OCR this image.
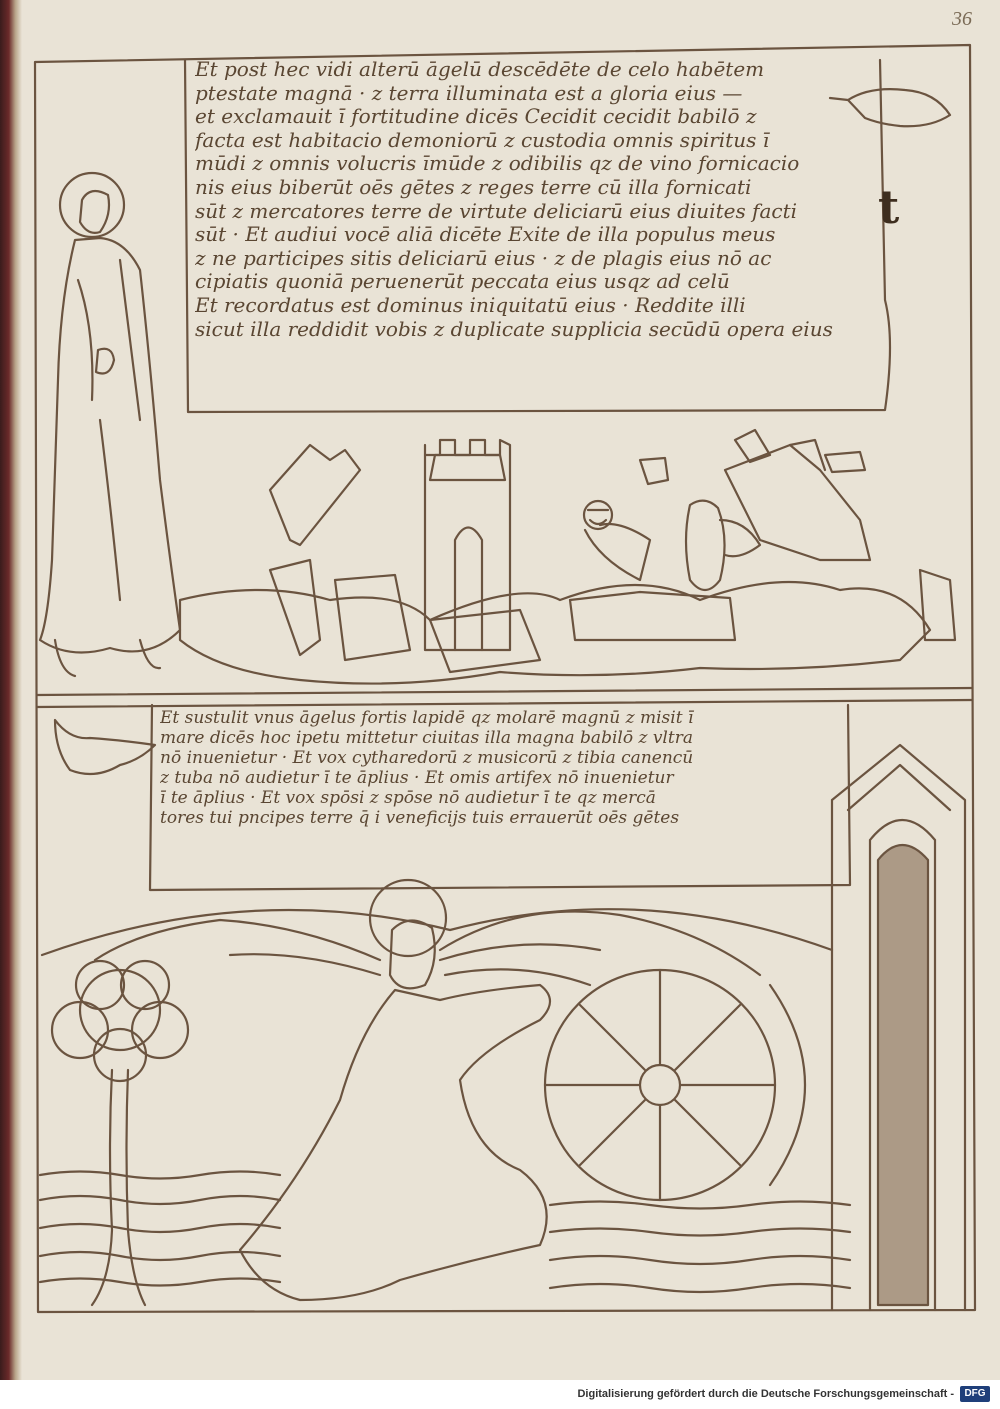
36
t
Et post hec vidi alterū āgelū descēdēte de celo habētem
ptestate magnā · z terra illuminata est a gloria eius —
et exclamauit ī fortitudine dicēs Cecidit cecidit babilō z
facta est habitacio demoniorū z custodia omnis spiritus ī
mūdi z omnis volucris īmūde z odibilis qz de vino fornicacio
nis eius biberūt oēs gētes z reges terre cū illa fornicati
sūt z mercatores terre de virtute deliciarū eius diuites facti
sūt · Et audiui vocē aliā dicēte Exite de illa populus meus
z ne participes sitis deliciarū eius · z de plagis eius nō ac
cipiatis quoniā peruenerūt peccata eius usqz ad celū
Et recordatus est dominus iniquitatū eius · Reddite illi
sicut illa reddidit vobis z duplicate supplicia secūdū opera eius
Et sustulit vnus āgelus fortis lapidē qz molarē magnū z misit ī
mare dicēs hoc ipetu mittetur ciuitas illa magna babilō z vltra
nō inuenietur · Et vox cytharedorū z musicorū z tibia canencū
z tuba nō audietur ī te āplius · Et omis artifex nō inuenietur
ī te āplius · Et vox spōsi z spōse nō audietur ī te qz mercā
tores tui pncipes terre q̄ i veneficijs tuis errauerūt oēs gētes
Digitalisierung gefördert durch die Deutsche Forschungsgemeinschaft -	DFG
